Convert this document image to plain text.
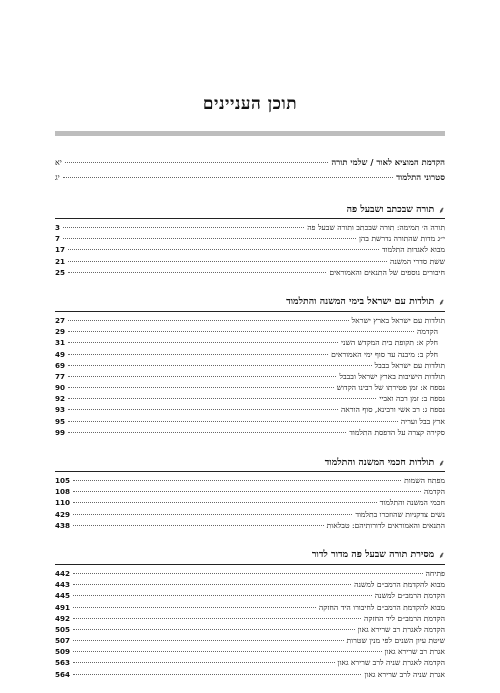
תוכן העניינים
הקדמת המוציא לאור / שלמי תורה
יא
סטרוני התלמוד
יג
⸙
תורה שבכתב ושבעל פה
תורה ה׳ תמימה: תורה שבכתב ותורה שבעל פה
3
י״ג מדות שהתורה נדרשת בהן
7
מבוא לאגדות התלמוד
17
ששת סדרי המשנה
21
חיבורים נוספים של התנאים והאמוראים
25
⸙
תולדות עם ישראל בימי המשנה והתלמוד
תולדות עם ישראל בארץ ישראל
27
הקדמה
29
חלק א: תקופת בית המקדש השני
31
חלק ב: מיבנה עד סוף ימי האמוראים
49
תולדות עם ישראל בבבל
69
תולדות הישיבות בארץ ישראל ובבבל
77
נספח א: זמן פטירתו של רבינו הקדוש
90
נספח ב: זמן רבה ואביי
92
נספח ג: רב אשי ורבינא, סוף הוראה
93
ארץ בבל ועריה
95
סקירה קצרה על הדפסת התלמוד
99
⸙
תולדות חכמי המשנה והתלמוד
מפתח השמות
105
הקדמה
108
חכמי המשנה והתלמוד
110
נשים צדקניות שהוזכרו בתלמוד
429
התנאים והאמוראים לדורותיהם: טבלאות
438
⸙
מסירת תורה שבעל פה מדור לדור
פתיחה
442
מבוא להקדמת הרמב״ם למשנה
443
הקדמת הרמב״ם למשנה
445
מבוא להקדמת הרמב״ם לחיבורו היד החזקה
491
הקדמת הרמב״ם ליד החזקה
492
הקדמה לאגרת רב שרירא גאון
505
שיטת עיון השנים לפי מנין שטרות
507
אגרת רב שרירא גאון
509
הקדמה לאגרת שניה לרב שרירא גאון
563
אגרת שניה לרב שרירא גאון
564
